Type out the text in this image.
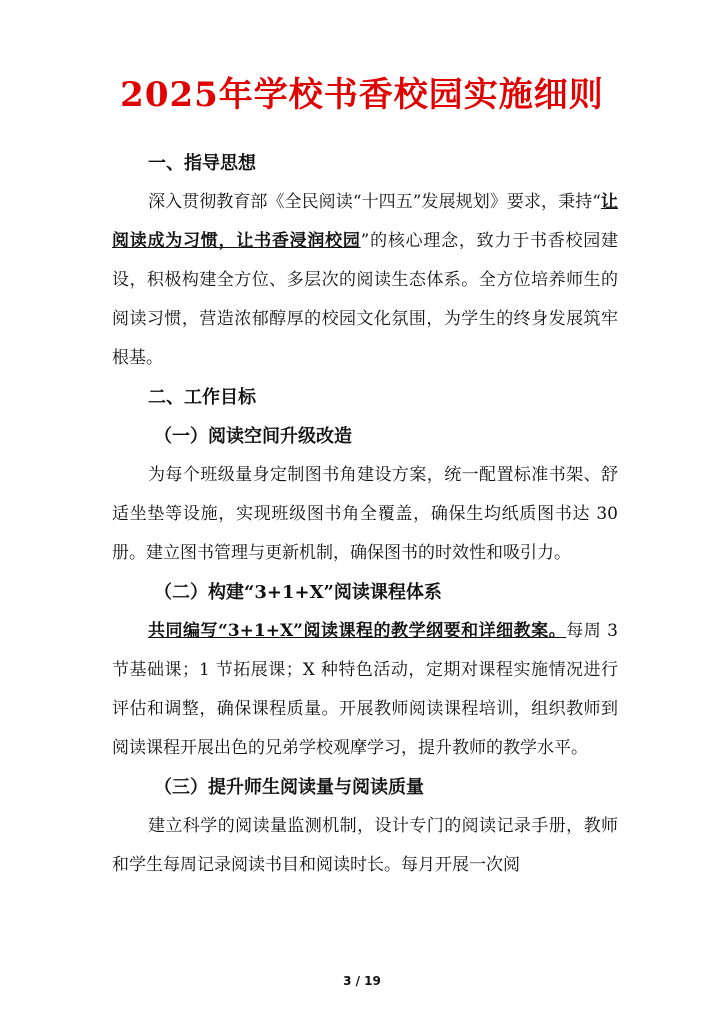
2025年学校书香校园实施细则
一、指导思想

深入贯彻教育部《全民阅读“十四五”发展规划》要求，秉持“让阅读成为习惯，让书香浸润校园”的核心理念，致力于书香校园建设，积极构建全方位、多层次的阅读生态体系。全方位培养师生的阅读习惯，营造浓郁醇厚的校园文化氛围，为学生的终身发展筑牢根基。

二、工作目标
（一）阅读空间升级改造

为每个班级量身定制图书角建设方案，统一配置标准书架、舒适坐垫等设施，实现班级图书角全覆盖，确保生均纸质图书达 30 册。建立图书管理与更新机制，确保图书的时效性和吸引力。

（二）构建“3+1+X”阅读课程体系

共同编写“3+1+X”阅读课程的教学纲要和详细教案。每周 3 节基础课；1 节拓展课；X 种特色活动，定期对课程实施情况进行评估和调整，确保课程质量。开展教师阅读课程培训，组织教师到阅读课程开展出色的兄弟学校观摩学习，提升教师的教学水平。

（三）提升师生阅读量与阅读质量

建立科学的阅读量监测机制，设计专门的阅读记录手册，教师和学生每周记录阅读书目和阅读时长。每月开展一次阅

3 / 19
